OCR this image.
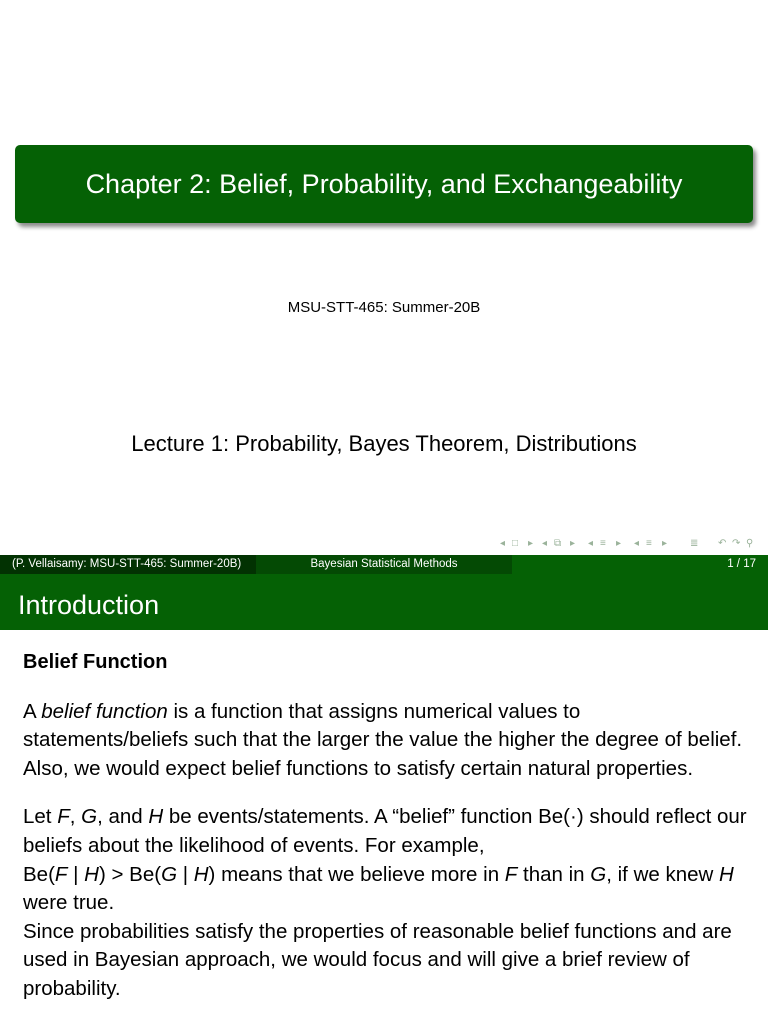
Chapter 2: Belief, Probability, and Exchangeability
MSU-STT-465: Summer-20B
Lecture 1: Probability, Bayes Theorem, Distributions
◂ □ ▸ ◂ ⧉ ▸ ◂ ≡ ▸ ◂ ≡ ▸ ≣ ↶ ↷ ⚲
(P. Vellaisamy: MSU-STT-465: Summer-20B)	Bayesian Statistical Methods	1 / 17
Introduction
Belief Function

A belief function is a function that assigns numerical values to statements/beliefs such that the larger the value the higher the degree of belief. Also, we would expect belief functions to satisfy certain natural properties.

Let F, G, and H be events/statements. A “belief” function Be(·) should reflect our beliefs about the likelihood of events. For example,
Be(F | H) > Be(G | H) means that we believe more in F than in G, if we knew H were true.

Since probabilities satisfy the properties of reasonable belief functions and are used in Bayesian approach, we would focus and will give a brief review of probability.
